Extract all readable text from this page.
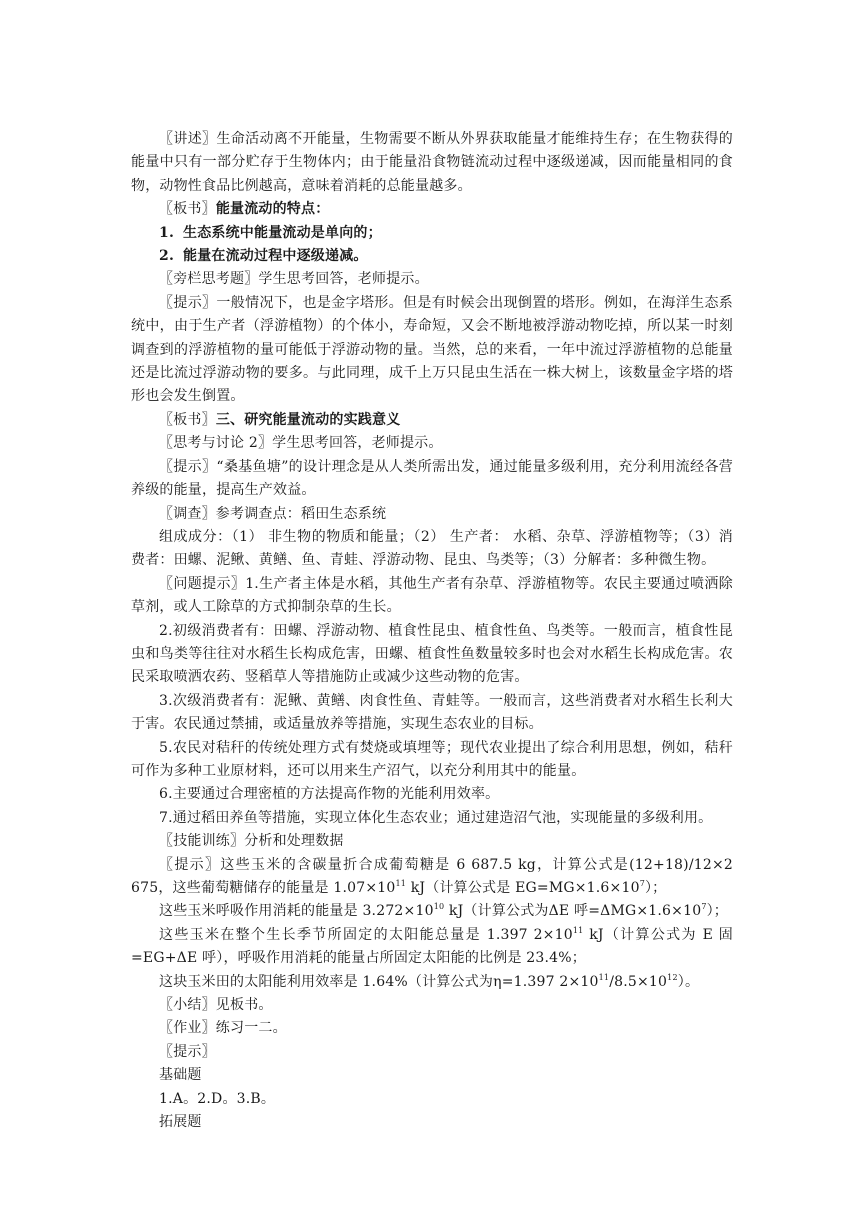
〖讲述〗生命活动离不开能量，生物需要不断从外界获取能量才能维持生存；在生物获得的能量中只有一部分贮存于生物体内；由于能量沿食物链流动过程中逐级递减，因而能量相同的食物，动物性食品比例越高，意味着消耗的总能量越多。

〖板书〗能量流动的特点：

1. 生态系统中能量流动是单向的；

2. 能量在流动过程中逐级递减。

〖旁栏思考题〗学生思考回答，老师提示。

〖提示〗一般情况下，也是金字塔形。但是有时候会出现倒置的塔形。例如，在海洋生态系统中，由于生产者（浮游植物）的个体小，寿命短，又会不断地被浮游动物吃掉，所以某一时刻调查到的浮游植物的量可能低于浮游动物的量。当然，总的来看，一年中流过浮游植物的总能量还是比流过浮游动物的要多。与此同理，成千上万只昆虫生活在一株大树上，该数量金字塔的塔形也会发生倒置。

〖板书〗三、研究能量流动的实践意义

〖思考与讨论 2〗学生思考回答，老师提示。

〖提示〗“桑基鱼塘”的设计理念是从人类所需出发，通过能量多级利用，充分利用流经各营养级的能量，提高生产效益。

〖调查〗参考调查点：稻田生态系统

组成成分：（1） 非生物的物质和能量；（2） 生产者： 水稻、杂草、浮游植物等；（3）消费者：田螺、泥鳅、黄鳝、鱼、青蛙、浮游动物、昆虫、鸟类等；（3）分解者：多种微生物。

〖问题提示〗1.生产者主体是水稻，其他生产者有杂草、浮游植物等。农民主要通过喷洒除草剂，或人工除草的方式抑制杂草的生长。

2.初级消费者有：田螺、浮游动物、植食性昆虫、植食性鱼、鸟类等。一般而言，植食性昆虫和鸟类等往往对水稻生长构成危害，田螺、植食性鱼数量较多时也会对水稻生长构成危害。农民采取喷洒农药、竖稻草人等措施防止或减少这些动物的危害。

3.次级消费者有：泥鳅、黄鳝、肉食性鱼、青蛙等。一般而言，这些消费者对水稻生长利大于害。农民通过禁捕，或适量放养等措施，实现生态农业的目标。

5.农民对秸秆的传统处理方式有焚烧或填埋等；现代农业提出了综合利用思想，例如，秸秆可作为多种工业原材料，还可以用来生产沼气，以充分利用其中的能量。

6.主要通过合理密植的方法提高作物的光能利用效率。

7.通过稻田养鱼等措施，实现立体化生态农业；通过建造沼气池，实现能量的多级利用。

〖技能训练〗分析和处理数据

〖提示〗这些玉米的含碳量折合成葡萄糖是 6 687.5 kg，计算公式是(12+18)/12×2 675，这些葡萄糖储存的能量是 $1.07\times 10^{11}$ kJ（计算公式是 $EG=MG\times 1.6\times 10^7$）；

这些玉米呼吸作用消耗的能量是 $3.272\times 10^{10}$ kJ（计算公式为ΔE 呼$=\Delta MG\times 1.6\times 10^7$）；

这些玉米在整个生长季节所固定的太阳能总量是 1.397 $2\times 10^{11}$ kJ（计算公式为 E 固=EG+ΔE 呼），呼吸作用消耗的能量占所固定太阳能的比例是 23.4%；

这块玉米田的太阳能利用效率是 1.64%（计算公式为η=1.397 $2\times 10^{11}/8.5\times 10^{12}$）。

〖小结〗见板书。

〖作业〗练习一二。

〖提示〗

基础题

1.A。2.D。3.B。

拓展题
